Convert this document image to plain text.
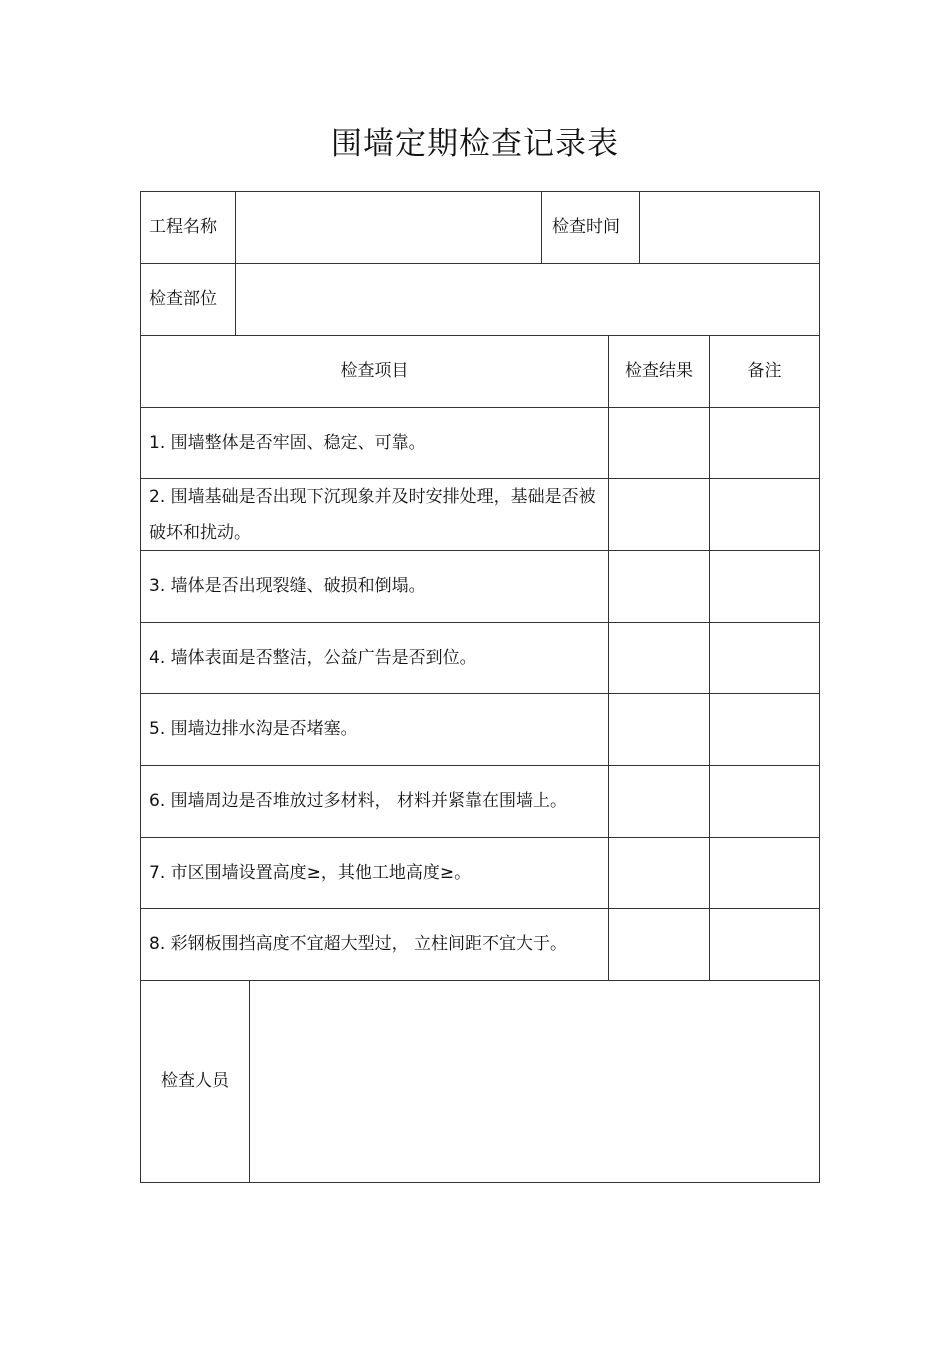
围墙定期检查记录表
工程名称	检查时间
检查部位
检查项目	检查结果	备注
1. 围墙整体是否牢固、稳定、可靠。
2. 围墙基础是否出现下沉现象并及时安排处理，基础是否被破坏和扰动。
3. 墙体是否出现裂缝、破损和倒塌。
4. 墙体表面是否整洁，公益广告是否到位。
5. 围墙边排水沟是否堵塞。
6. 围墙周边是否堆放过多材料， 材料并紧靠在围墙上。
7. 市区围墙设置高度≥，其他工地高度≥。
8. 彩钢板围挡高度不宜超大型过， 立柱间距不宜大于。
检查人员
